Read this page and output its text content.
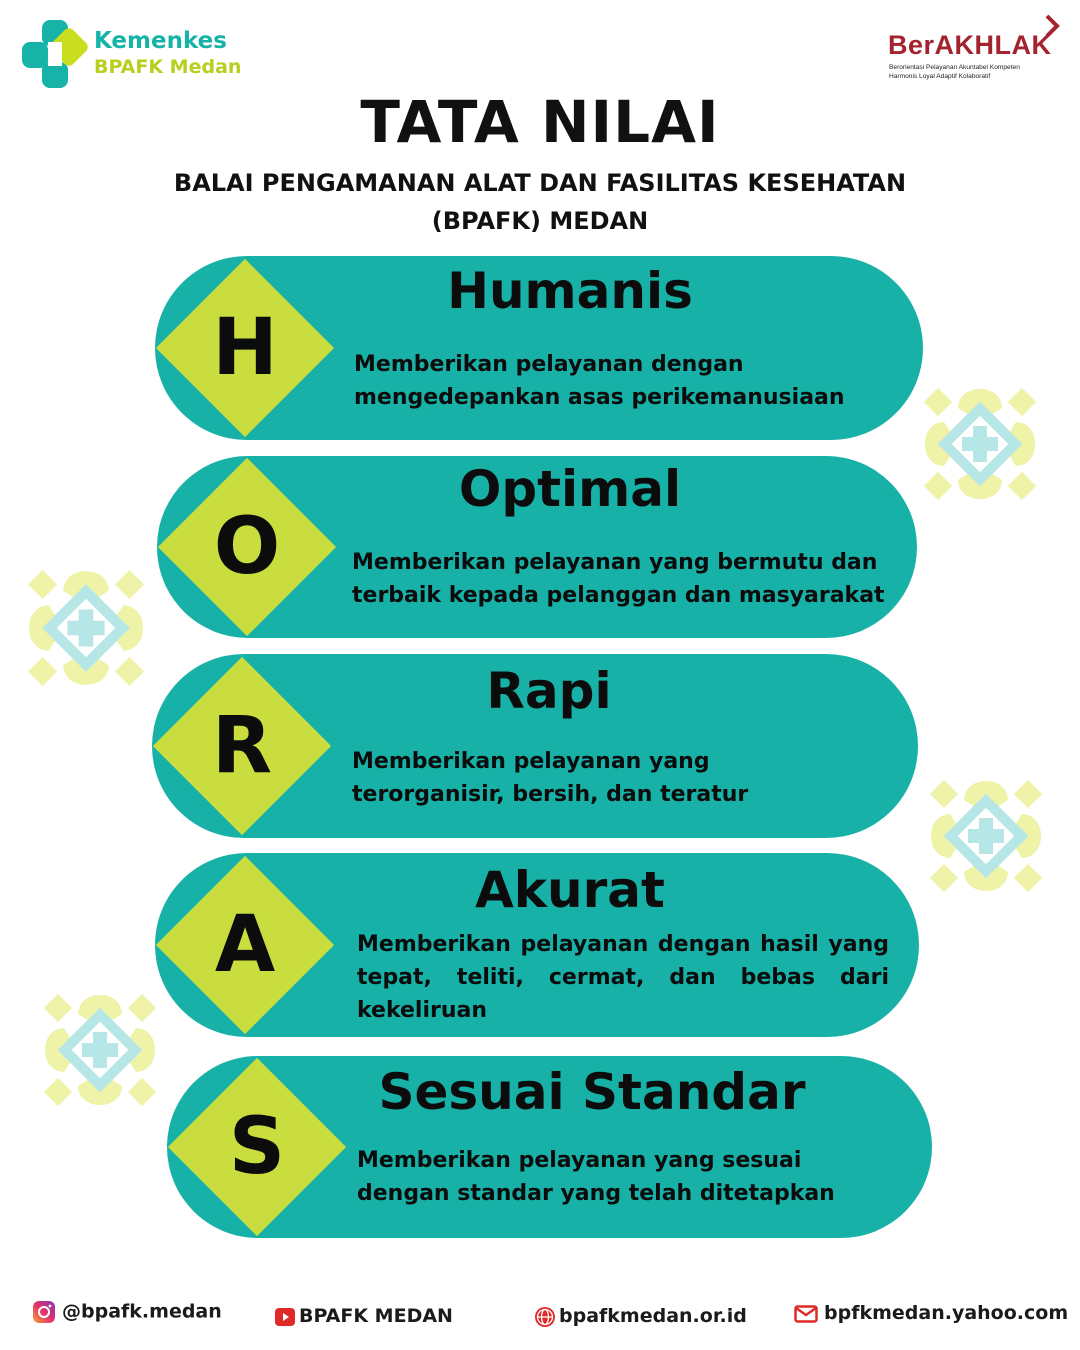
Kemenkes
BPAFK Medan
BerAKHLAK
Berorientasi Pelayanan Akuntabel Kompeten
Harmonis Loyal Adaptif Kolaboratif
TATA NILAI
BALAI PENGAMANAN ALAT DAN FASILITAS KESEHATAN
(BPAFK) MEDAN
H
Humanis
Memberikan pelayanan dengan
mengedepankan asas perikemanusiaan
O
Optimal
Memberikan pelayanan yang bermutu dan
terbaik kepada pelanggan dan masyarakat
R
Rapi
Memberikan pelayanan yang
terorganisir, bersih, dan teratur
A
Akurat
Memberikan pelayanan dengan hasil yang tepat, teliti, cermat, dan bebas dari kekeliruan
S
Sesuai Standar
Memberikan pelayanan yang sesuai
dengan standar yang telah ditetapkan
@bpafk.medan	BPAFK MEDAN	bpafkmedan.or.id	bpfkmedan.yahoo.com
